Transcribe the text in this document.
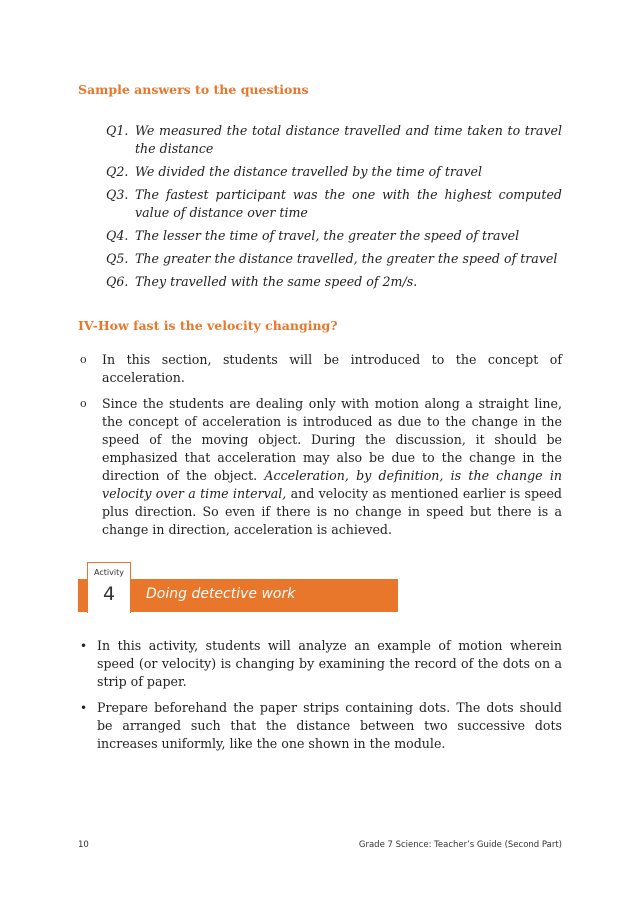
Sample answers to the questions
Q1. We measured the total distance travelled and time taken to travel the distance
Q2. We divided the distance travelled by the time of travel
Q3. The fastest participant was the one with the highest computed value of distance over time
Q4. The lesser the time of travel, the greater the speed of travel
Q5. The greater the distance travelled, the greater the speed of travel
Q6. They travelled with the same speed of 2m/s.
IV-How fast is the velocity changing?
o In this section, students will be introduced to the concept of acceleration.
o Since the students are dealing only with motion along a straight line, the concept of acceleration is introduced as due to the change in the speed of the moving object. During the discussion, it should be emphasized that acceleration may also be due to the change in the direction of the object. Acceleration, by definition, is the change in velocity over a time interval, and velocity as mentioned earlier is speed plus direction. So even if there is no change in speed but there is a change in direction, acceleration is achieved.
Activity
4	Doing detective work
• In this activity, students will analyze an example of motion wherein speed (or velocity) is changing by examining the record of the dots on a strip of paper.
• Prepare beforehand the paper strips containing dots. The dots should be arranged such that the distance between two successive dots increases uniformly, like the one shown in the module.
10	Grade 7 Science: Teacher’s Guide (Second Part)
